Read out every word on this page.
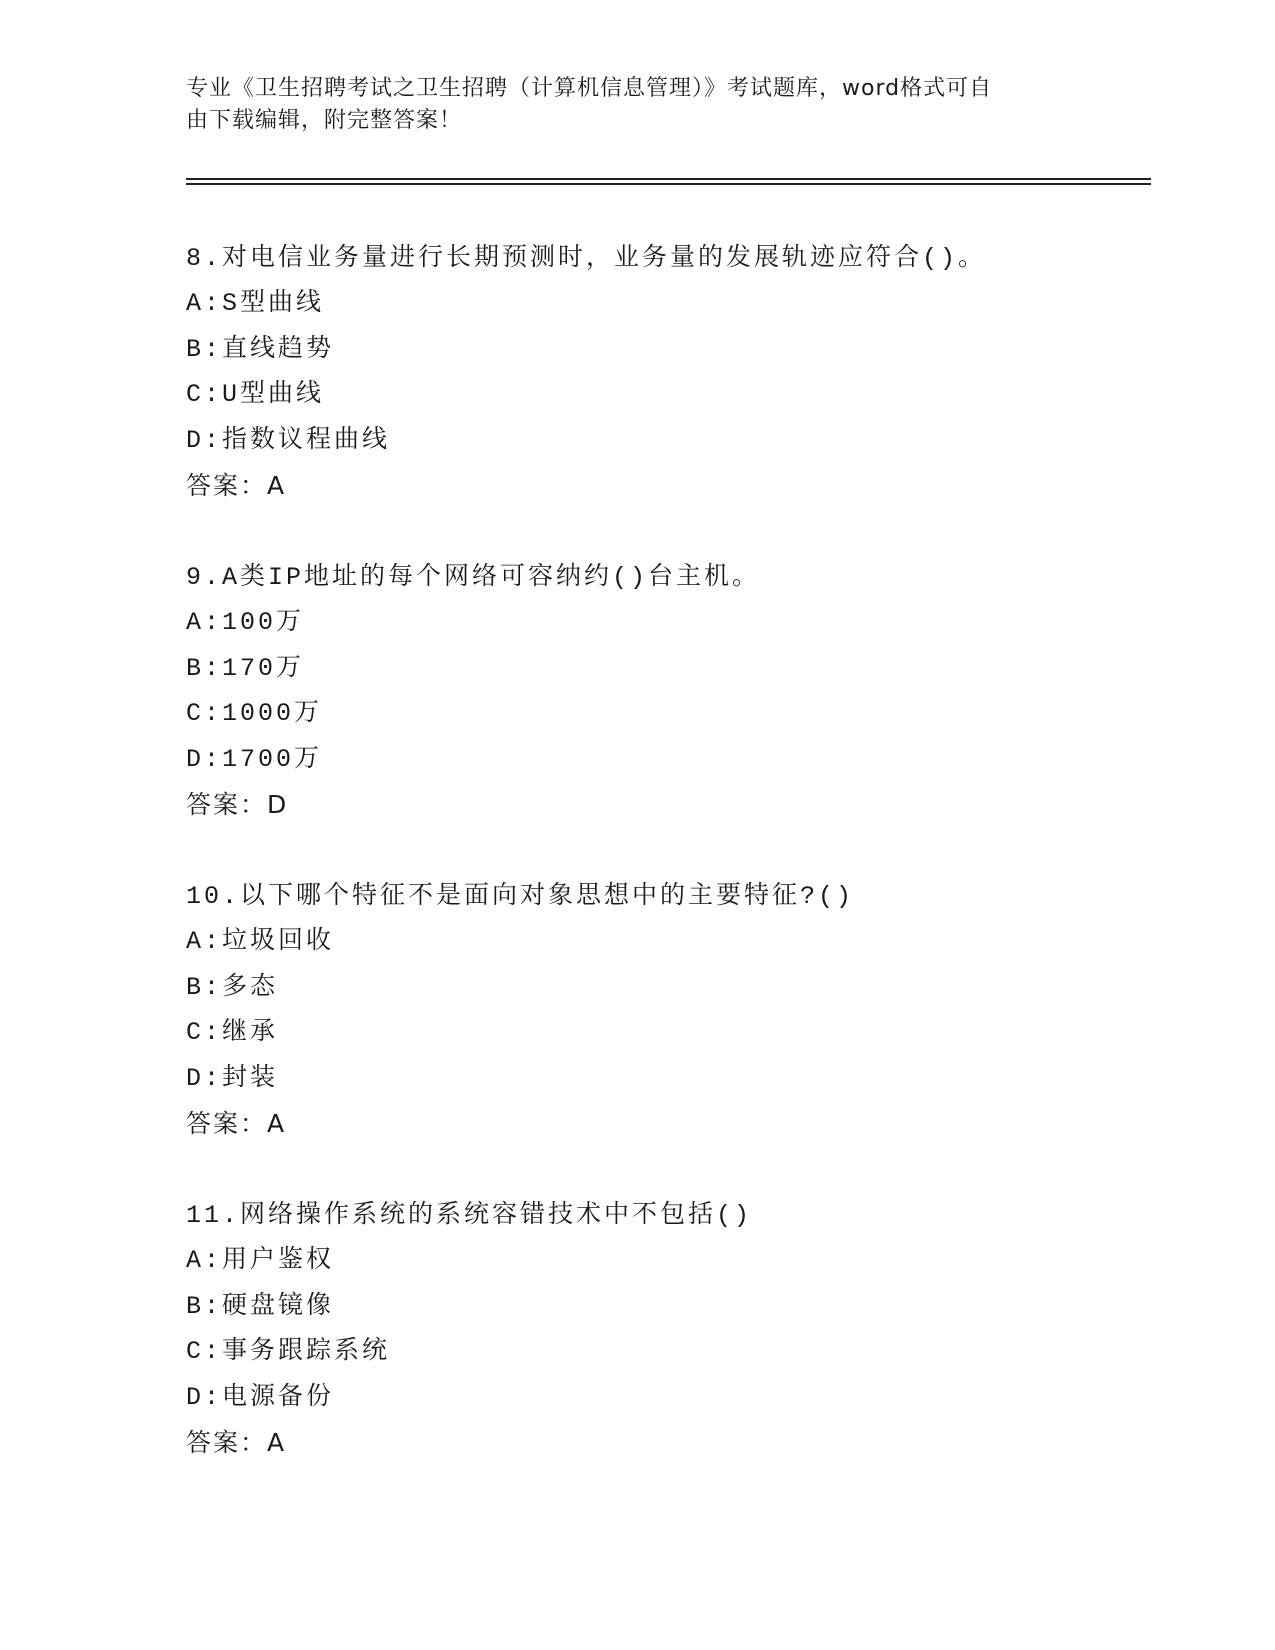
专业《卫生招聘考试之卫生招聘（计算机信息管理）》考试题库，word格式可自
由下载编辑，附完整答案！
8.对电信业务量进行长期预测时，业务量的发展轨迹应符合()。
A:S型曲线
B:直线趋势
C:U型曲线
D:指数议程曲线
答案：A
9.A类IP地址的每个网络可容纳约()台主机。
A:100万
B:170万
C:1000万
D:1700万
答案：D
10.以下哪个特征不是面向对象思想中的主要特征?()
A:垃圾回收
B:多态
C:继承
D:封装
答案：A
11.网络操作系统的系统容错技术中不包括()
A:用户鉴权
B:硬盘镜像
C:事务跟踪系统
D:电源备份
答案：A
